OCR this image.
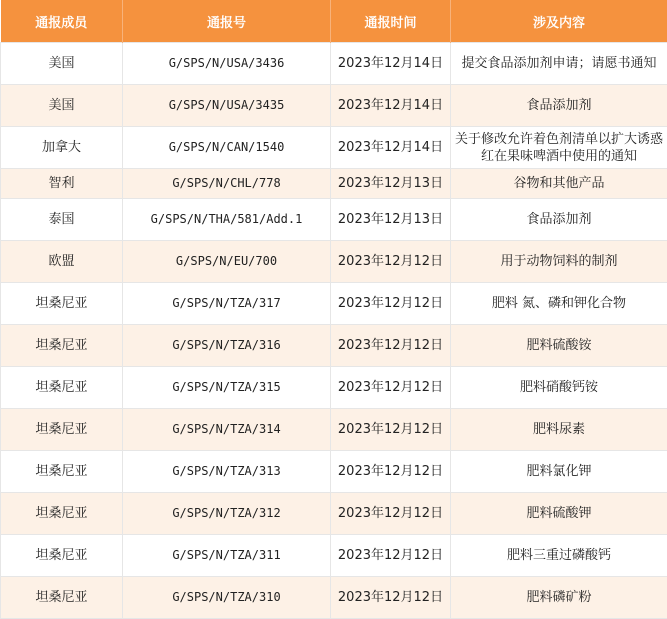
通报成员	通报号	通报时间	涉及内容
美国	G/SPS/N/USA/3436	2023年12月14日	提交食品添加剂申请；请愿书通知
美国	G/SPS/N/USA/3435	2023年12月14日	食品添加剂
加拿大	G/SPS/N/CAN/1540	2023年12月14日	关于修改允许着色剂清单以扩大诱惑红在果味啤酒中使用的通知
智利	G/SPS/N/CHL/778	2023年12月13日	谷物和其他产品
泰国	G/SPS/N/THA/581/Add.1	2023年12月13日	食品添加剂
欧盟	G/SPS/N/EU/700	2023年12月12日	用于动物饲料的制剂
坦桑尼亚	G/SPS/N/TZA/317	2023年12月12日	肥料 氮、磷和钾化合物
坦桑尼亚	G/SPS/N/TZA/316	2023年12月12日	肥料硫酸铵
坦桑尼亚	G/SPS/N/TZA/315	2023年12月12日	肥料硝酸钙铵
坦桑尼亚	G/SPS/N/TZA/314	2023年12月12日	肥料尿素
坦桑尼亚	G/SPS/N/TZA/313	2023年12月12日	肥料氯化钾
坦桑尼亚	G/SPS/N/TZA/312	2023年12月12日	肥料硫酸钾
坦桑尼亚	G/SPS/N/TZA/311	2023年12月12日	肥料三重过磷酸钙
坦桑尼亚	G/SPS/N/TZA/310	2023年12月12日	肥料磷矿粉
